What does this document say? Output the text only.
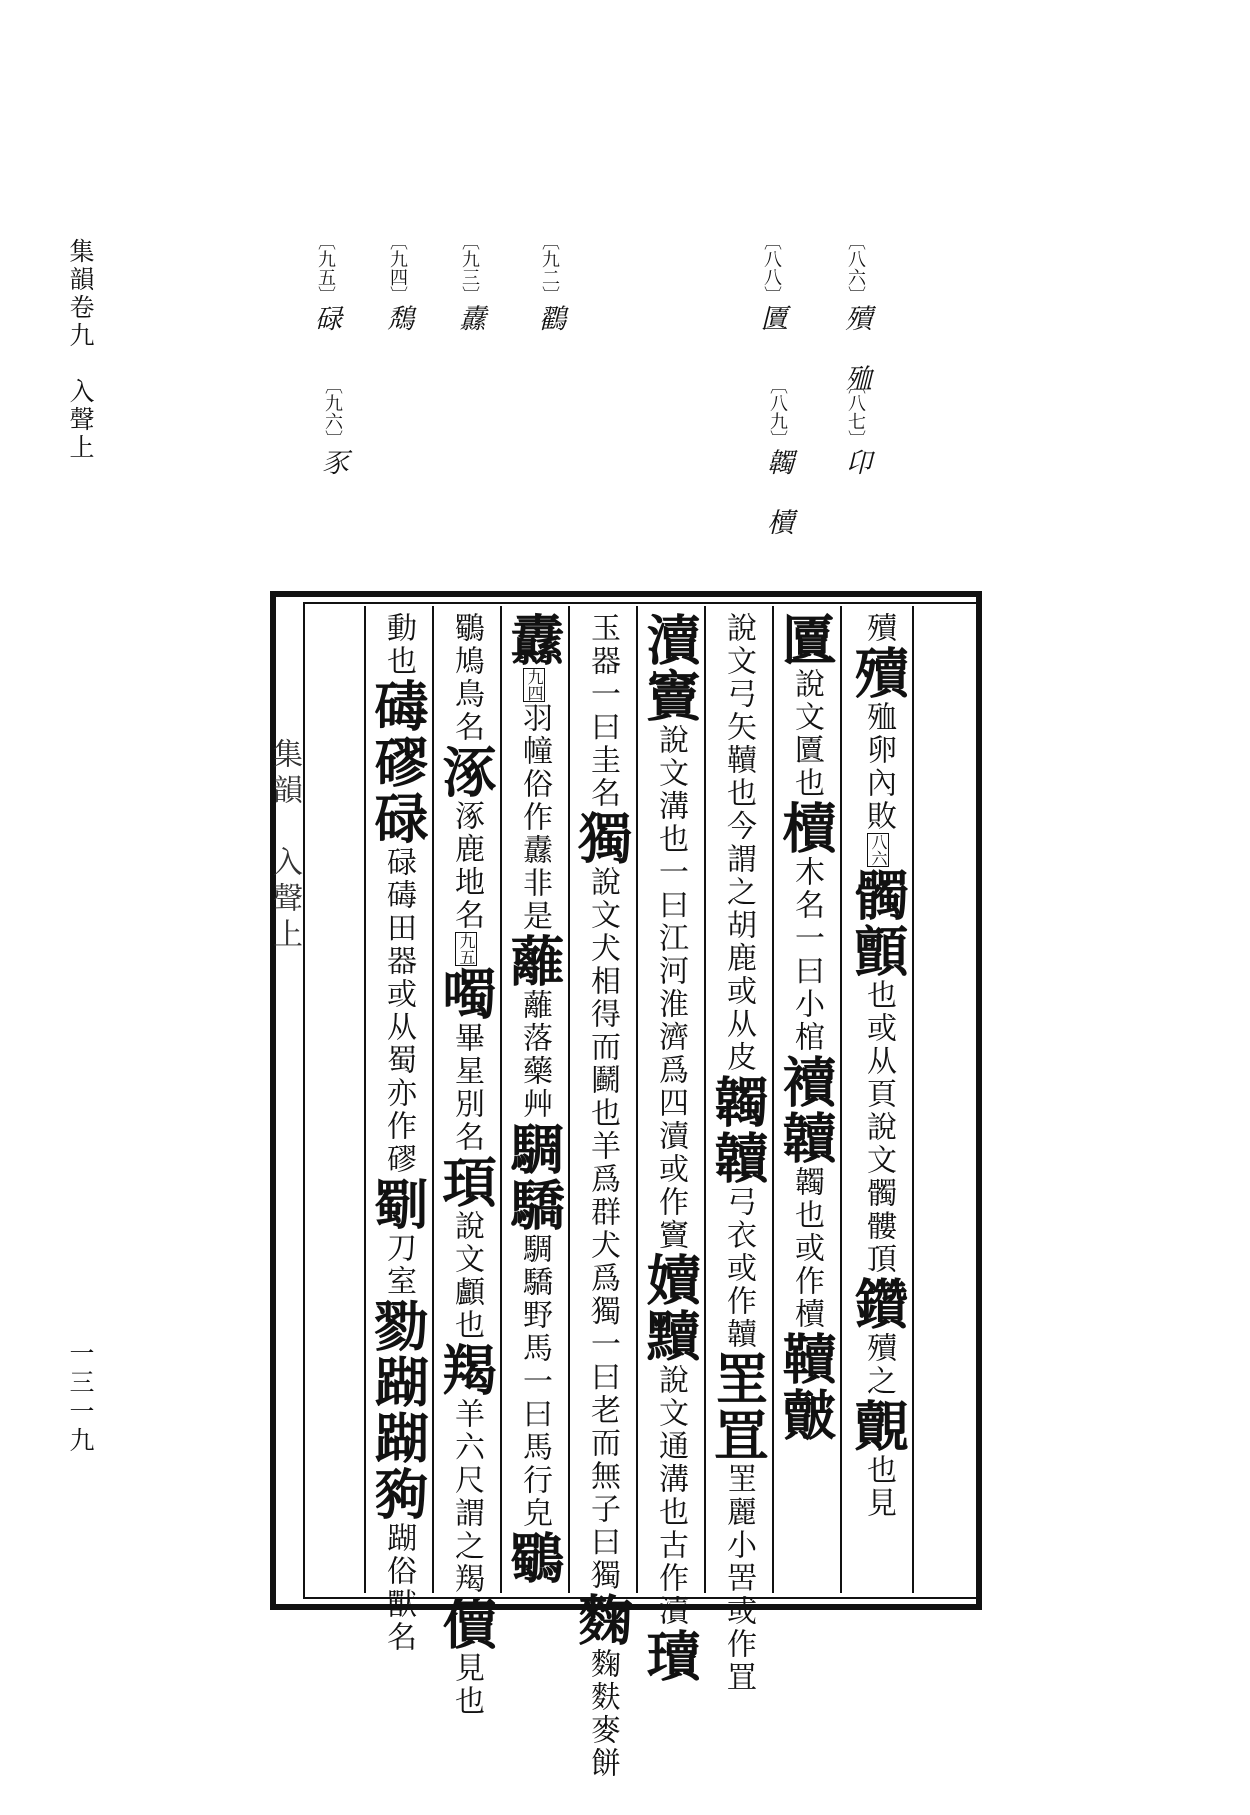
集韻卷九　入聲上
一三一九
〔八六〕殰　殈
〔八八〕匵
〔九二〕鸐
〔九三〕纛
〔九四〕鵚
〔九五〕碌
〔八七〕卬
〔八九〕韣　櫝
〔九六〕豕
集韻　入聲上
殰
殰
殈卵內敗
八六
髑顫
也或从頁說文髑髏頂
鑽
殰之
覿
也見
匵
說文匵也
櫝
木名一曰小棺
襩韥
韣也或作櫝
韇皾
說文弓矢韇也今謂之胡鹿或从皮
韣韥
弓衣或作韥
罜罝
罜麗小罟或作罝
瀆竇
說文溝也一曰江河淮濟爲四瀆或作竇
嬻黷
說文通溝也古作瀆
瓄
玉器一曰圭名
獨
說文犬相得而鬬也羊爲群犬爲獨一曰老而無子曰獨
麴
麴麩麥餅
纛
九四
羽幢俗作纛非是
蘺
蘺落藥艸
騆驕
騆驕野馬一曰馬行皃
鸀
鸀鳩鳥名
涿
涿鹿地名
九五
噣
畢星別名
頊
說文顱也
羯
羊六尺謂之羯
儥
見也
動也
碡磟碌
碌碡田器或从蜀亦作磟
劅
刀室
勠
䠒䠒豞
䠒俗獸名
